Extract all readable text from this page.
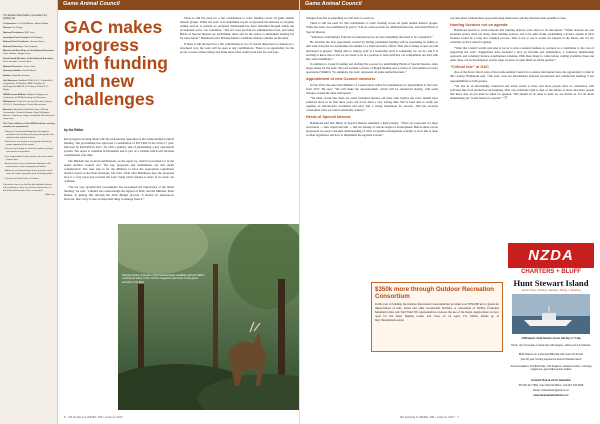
The Zealand Deerstalkers Association Inc (NZDA) NZ

Co-founders: Dr G McWilliams, Hohn Haddler

Patrons: Ian Wright

National Presidents: BBC Levy

Immediate Past President: Mr Walterby

National Vice-Presidents: Graeme Stone

National Secretary: Chas Poynder

Branch and Area Reps on the National Executive: Peter Herbert, Rodger Sams

South Island Members of the National Executive: Steve Hendriks, Jarred Hand

National Treasurer: Steve Chett

Honorary Auditor: David Hobson

Auditor: Hyatt Associations

Life Members: Bradford CDM, H R L, J Boxhold, B Coughlands, S E Brown, MBE, E Helder, R McDougall, W AND M, W Coleery, M Hall, E, D Wright

NZDA Income Affiliate: Hollyvet Lodging and Conference at NZDA, Hunting and Firearms

Affiliated to: Council of Licensed Firearm Owners (COLFO), Game Animal Council Association

Branches: Auckland, Northland, Bay of Plenty, Coromandel, Taranaki, Hawke's Bay, Wellington, Nelson, Canterbury, Otago, Southland, Westland and many more

The Code of Ethics of this NZDA shall be, and any member are expected to:

• Respect, thereby defending them the highest possible level of safety, honesty and regard to the welfare of the animals hunted.

• Not hunt or use firearms on property without the proper approval of the owner.

• Ensure any hunting is carried out within any legal restrictions or legislation.

• Use responsible firearms owners and arms within firearm laws.

• Avoid unnecessary or deliberate damage to the environment, respect property and others.

• Advocate and demonstrate these practices at all times the highest possible level of hunting ethics.

• Practice the Hunt Code of conduct.

If particular views are held by the individual editors and contributors, they are not necessarily those of the National Executive of the association.

Alan Levy

Game Animal Council
GAC makes progress with funding and new challenges
by the Editor

Real progress is being made with the professional operation of the Game Animal Council funding. The government has approved a contribution of $575,000 in the 2016–17 year, followed by $425,000 in 2017–18, with a primary aim of establishing a key operational system. The report is available in December and is part of a scheme which will increase contributions over time.

The Minister has received submissions on the report by, which is provided for in the Game Animal Council Act. The key proposals and submissions are still under consideration. The next step is for the Minister to have the appropriate regulations drafted, based on the final decisions, but GAC Chair Don Hammond says the proposed levy is a very good step towards the GAC being better funded so more of its work can continue.

“We are very grateful that Government has recognised the importance of the initial funding,” he said. “I should also acknowledge the support of DOC and the Minister, Peter Dunne, in getting this through the 2016 Budget process. It should be understood, however, that a levy is also an important thing to emerge from it.”

There is still the need for a fair contribution to GAC funding across all game animal interest groups. While the GAC was established in part to represent the interests of all game animal sectors, at present no preferred mechanism has been identified through which the recreational sector can contribute. “The Act does provide for administration fees, and when Herds of Special Interest are established, there will be the option to implement hunting fee for these herds,” Hammond said. Having hunters contribute directly remains on the table.

If there is still the need for a fair contribution as it is of crucial importance to hunters in a structured way, the GAC will be open to any contributions. There is an opportunity for the sector to look at these things and think about what would work best for everyone.

Several photos of people in the beautiful areas available with the NZDA, covering all sides of this month’s magazine and some of the game animals in the field.
6 NZ Hunting & Wildlife 196 • Autumn 2017
Game Animal Council

changes than this is something we will have to work on.

There is still the need for this contribution to GAC funding across all game animal interest groups. While the GAC was established in part to “The Act does provide for administration fees, and when Herds of Special Interest.

“Voluntary contributions from the recreational sector are also something that need to be considered.”

He said that the first opportunity created by having permanent funding will be expanding its ability to deal with everyone in a leadership role similar to a chief executive officer. This role is being scoped out and developed at present. “Being able to employ staff at a leadership level is something we can do, and it is exciting to know that at last we are about to be in a position to have staff that can complement our lead with the council members.”

In addition to Council funding and drafting the process for establishing Herds of Special Interest, other major issues for the GAC this year include a review of illegal hunting and a review of wild animal recovery operations (WARO). “In summary, the GAC represents all game animal interests.”

Appointment of new Council members

In late 2016, the Associate Minister of Conservation called for nominations for appointment to the GAC from 2017. He says: “We will make the announcement, which will be announced shortly, with some changes around the table anticipated.”

“We fully accept that there are some frustrated hunters out there who believe the GAC should have achieved more in its first three years, but it has been a very testing time. We’ve been able to really put together an introductory document and have laid a strong foundation for success. This has severely constrained what we could realistically achieve.”

Herds of Special Interest

Hammond said that Herds of Special Interest remained a high priority. “There are proposals for three such herds — sika, wapiti and tahr — that are already at various stages of development. Before these can be progressed we need a detailed understanding of what acceptable management actually is, how this is done to other legislation and how to implement the regional actions.”

can take place without these proposals being made more quickly than has been possible to date.

Hunting licences not on agenda

Hammond moved to scrub rumours that hunting licences were about to be introduced. “While licences are one potential option, there are many other funding options, and to be quite frank, establishing a licence system in New Zealand would be a long and complex process. That is not to say it would not happen in the future, but it’s not currently on the Council’s agenda.

“What the Council would welcome is for us to have constant business to partners as a contributor to the cost of supporting the GAC. Suggestions have included a levy on firearms and ammunition, a voluntary membership approach, and voluntary licence contributions schemes. With these many to come before coming available, these and other ideas can be investigated. At this stage we have an open mind on all the options.”

“Critical role” of GAC

One of the most critical roles of the Game Animal Council is to ensure that hunters have the opportunity to hunt in this country, Hammond said. “The GAC does not discriminate between recreational and commercial hunting; it has responsibilities to both groups.

“We live in an increasingly connected and urban world so more and more people have no connection with activities like food production and hunting. This can contribute right to fuel as the debate as more and more people that know that do not must be taken for granted. This should be an issue to unite us, not divide us. It’s all about maintaining our ‘social licence to operate’.” ❒

$350k more through Outdoor Recreation Consortium

In this year of funding, the Outdoor Recreation Consortium has provided over $350,000 up for grants for improvement of huts, tracks and other recreational facilities. A consortium of NZDA, Federated Mountain Clubs and Trail Fund NZ representatives oversees the use of the funds. Applications are now open for the latest funding round, and close on 14 April. For further details go to http://hutandtrack.org.nz

NZDA
CHARTERS + BLUFF
Hunt Stewart Island
Scenic Trips • Fishing • Hunting • Diving • Tramping
4 Whitepine / Hutt Hunters wood, full day or ½ day
Hunts, up to 6 people on boat trips with skipper, cabins at 13-14 Islands.
Bluff charters on a licensed 68ft boat with cover for 20 pax
plus 20 year hunting experience around Stewart Island
Accommodation: 131 Bluff Cafe, 131 dinghies, outboard motors, camping equipment, gas bottles & dive bottles
Contact Rob & Chris Hamilton
Ph (03) 212 7894 • Fax (03) 212 8621 • Cell 027 434 5949
Email: nzdacharters@xtra.co.nz
www.huntstewartisland.co.nz
NZ Hunting & Wildlife 196 • Autumn 2017 7
